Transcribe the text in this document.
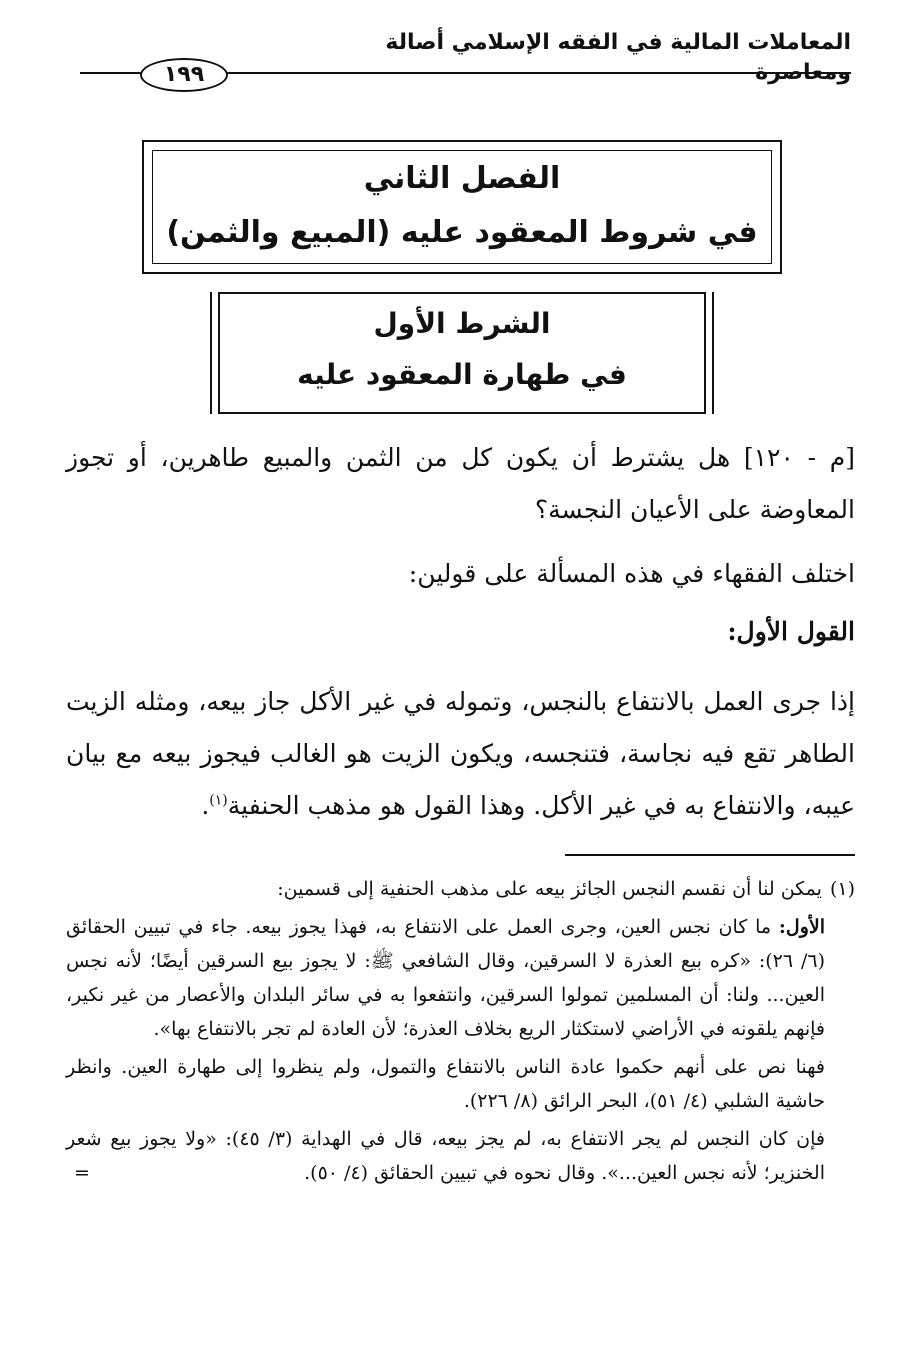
المعاملات المالية في الفقه الإسلامي أصالة ومعاصرة
١٩٩
الفصل الثاني
في شروط المعقود عليه (المبيع والثمن)
الشرط الأول
في طهارة المعقود عليه
[م - ١٢٠] هل يشترط أن يكون كل من الثمن والمبيع طاهرين، أو تجوز المعاوضة على الأعيان النجسة؟
اختلف الفقهاء في هذه المسألة على قولين:
القول الأول:
إذا جرى العمل بالانتفاع بالنجس، وتموله في غير الأكل جاز بيعه، ومثله الزيت الطاهر تقع فيه نجاسة، فتنجسه، ويكون الزيت هو الغالب فيجوز بيعه مع بيان عيبه، والانتفاع به في غير الأكل. وهذا القول هو مذهب الحنفية$^{(١)}$.
(١)يمكن لنا أن نقسم النجس الجائز بيعه على مذهب الحنفية إلى قسمين:
الأول: ما كان نجس العين، وجرى العمل على الانتفاع به، فهذا يجوز بيعه. جاء في تبيين الحقائق (٦/ ٢٦): «كره بيع العذرة لا السرقين، وقال الشافعي ﷺ: لا يجوز بيع السرقين أيضًا؛ لأنه نجس العين... ولنا: أن المسلمين تمولوا السرقين، وانتفعوا به في سائر البلدان والأعصار من غير نكير، فإنهم يلقونه في الأراضي لاستكثار الريع بخلاف العذرة؛ لأن العادة لم تجر بالانتفاع بها».
فهنا نص على أنهم حكموا عادة الناس بالانتفاع والتمول، ولم ينظروا إلى طهارة العين. وانظر حاشية الشلبي (٤/ ٥١)، البحر الرائق (٨/ ٢٢٦).
فإن كان النجس لم يجر الانتفاع به، لم يجز بيعه، قال في الهداية (٣/ ٤٥): «ولا يجوز بيع شعر الخنزير؛ لأنه نجس العين...». وقال نحوه في تبيين الحقائق (٤/ ٥٠).
=
